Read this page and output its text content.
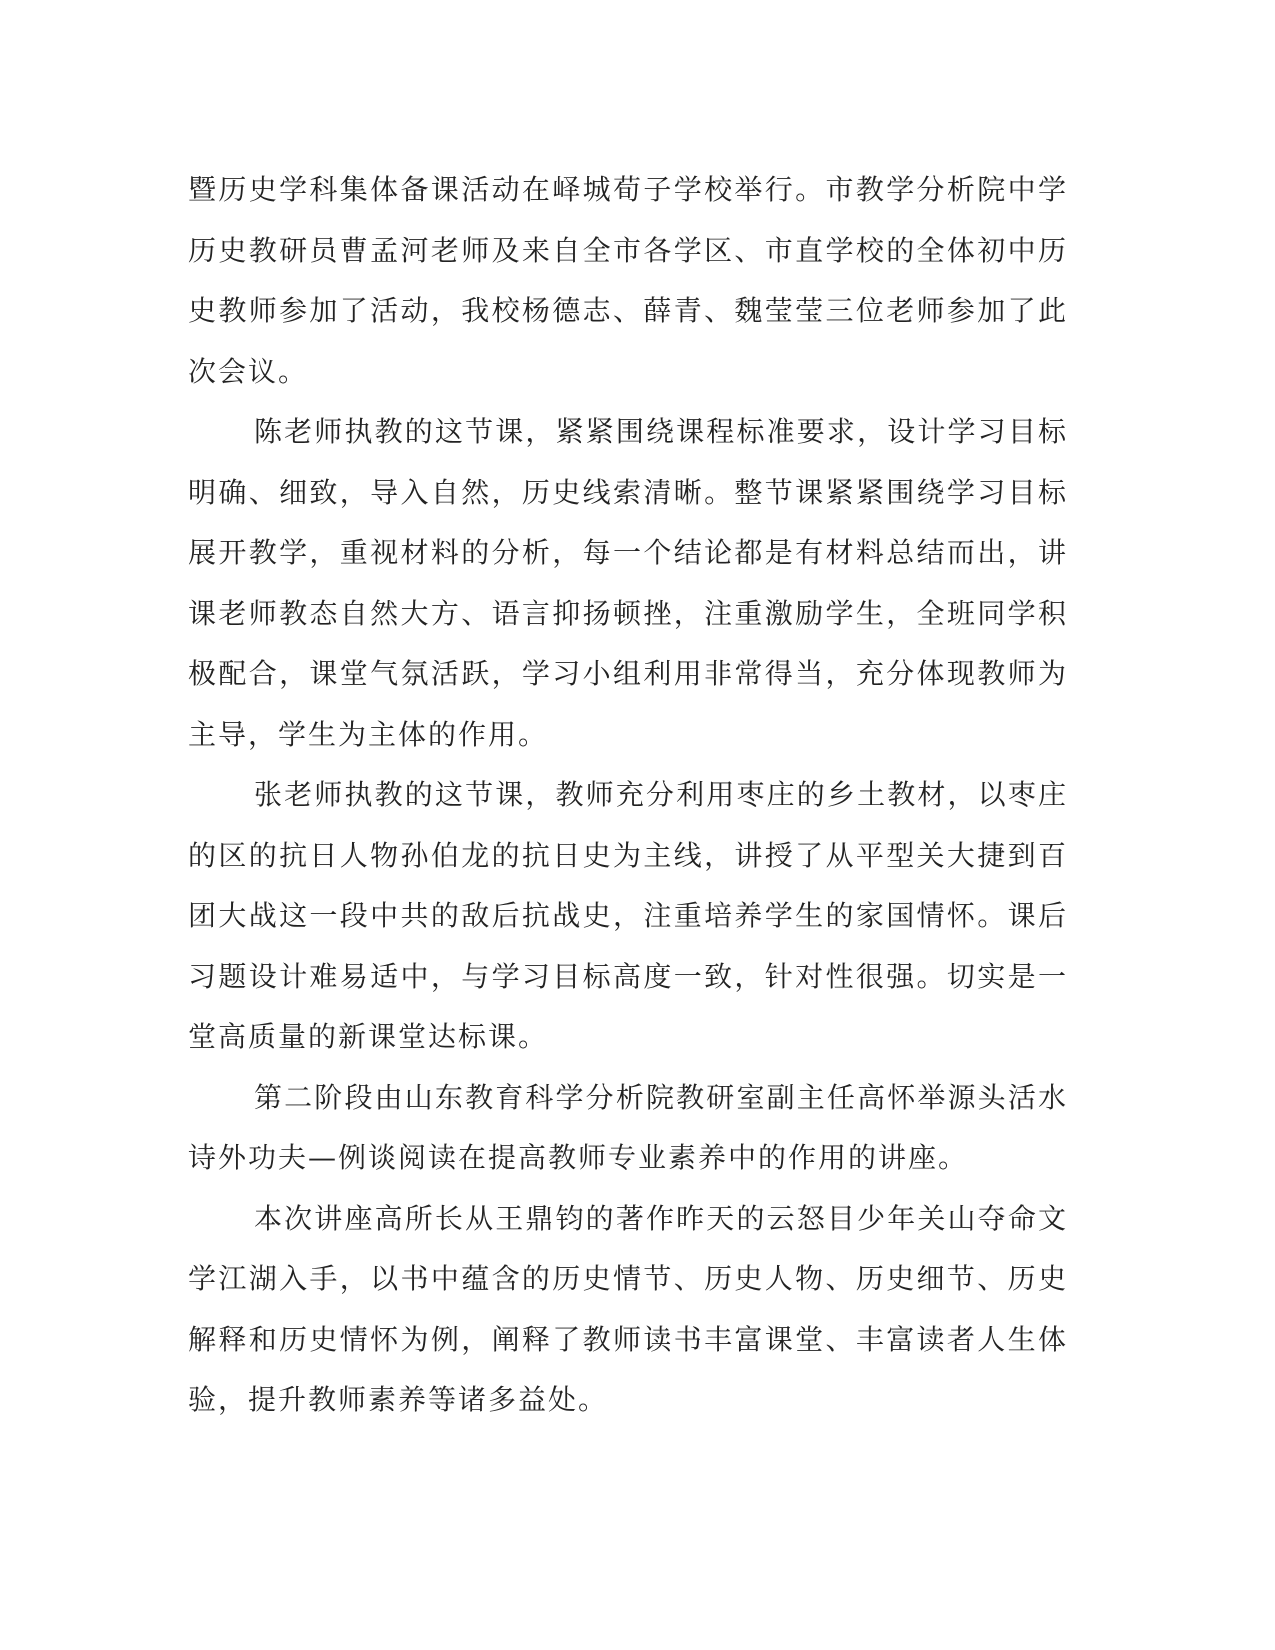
暨历史学科集体备课活动在峄城荀子学校举行。市教学分析院中学历史教研员曹孟河老师及来自全市各学区、市直学校的全体初中历史教师参加了活动，我校杨德志、薛青、魏莹莹三位老师参加了此次会议。

陈老师执教的这节课，紧紧围绕课程标准要求，设计学习目标明确、细致，导入自然，历史线索清晰。整节课紧紧围绕学习目标展开教学，重视材料的分析，每一个结论都是有材料总结而出，讲课老师教态自然大方、语言抑扬顿挫，注重激励学生，全班同学积极配合，课堂气氛活跃，学习小组利用非常得当，充分体现教师为主导，学生为主体的作用。

张老师执教的这节课，教师充分利用枣庄的乡土教材，以枣庄的区的抗日人物孙伯龙的抗日史为主线，讲授了从平型关大捷到百团大战这一段中共的敌后抗战史，注重培养学生的家国情怀。课后习题设计难易适中，与学习目标高度一致，针对性很强。切实是一堂高质量的新课堂达标课。

第二阶段由山东教育科学分析院教研室副主任高怀举源头活水诗外功夫—例谈阅读在提高教师专业素养中的作用的讲座。

本次讲座高所长从王鼎钧的著作昨天的云怒目少年关山夺命文学江湖入手，以书中蕴含的历史情节、历史人物、历史细节、历史解释和历史情怀为例，阐释了教师读书丰富课堂、丰富读者人生体验，提升教师素养等诸多益处。
